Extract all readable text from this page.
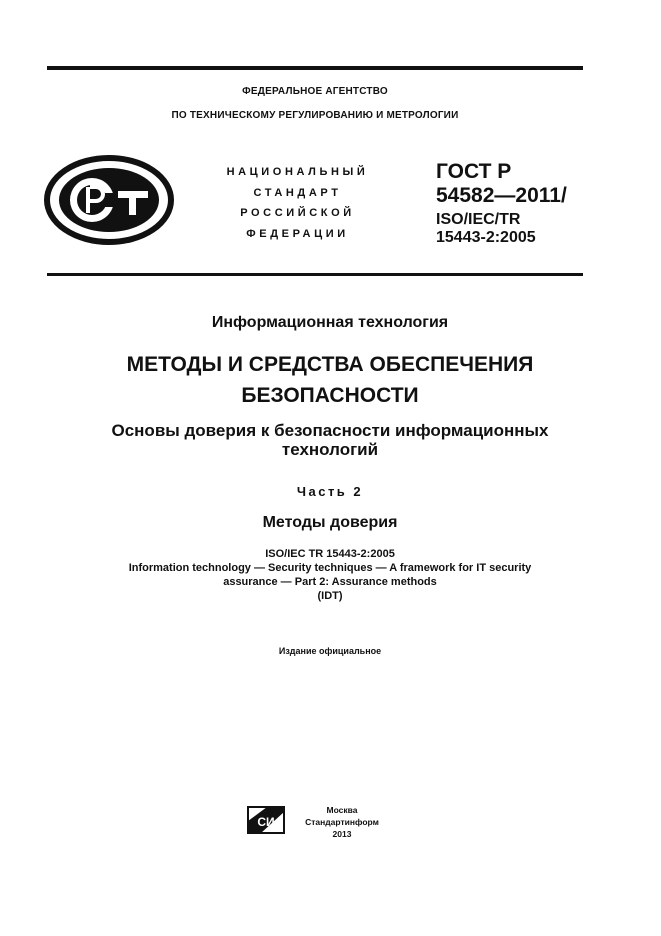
ФЕДЕРАЛЬНОЕ АГЕНТСТВО
ПО ТЕХНИЧЕСКОМУ РЕГУЛИРОВАНИЮ И МЕТРОЛОГИИ
НАЦИОНАЛЬНЫЙ
СТАНДАРТ
РОССИЙСКОЙ
ФЕДЕРАЦИИ
ГОСТ Р
54582—2011/
ISO/IEC/TR
15443-2:2005
Информационная технология
МЕТОДЫ И СРЕДСТВА ОБЕСПЕЧЕНИЯ
БЕЗОПАСНОСТИ
Основы доверия к безопасности информационных
технологий
Часть 2
Методы доверия
ISO/IEC TR 15443-2:2005
Information technology — Security techniques — A framework for IT security
assurance — Part 2: Assurance methods
(IDT)
Издание официальное
СИ
Москва
Стандартинформ
2013
